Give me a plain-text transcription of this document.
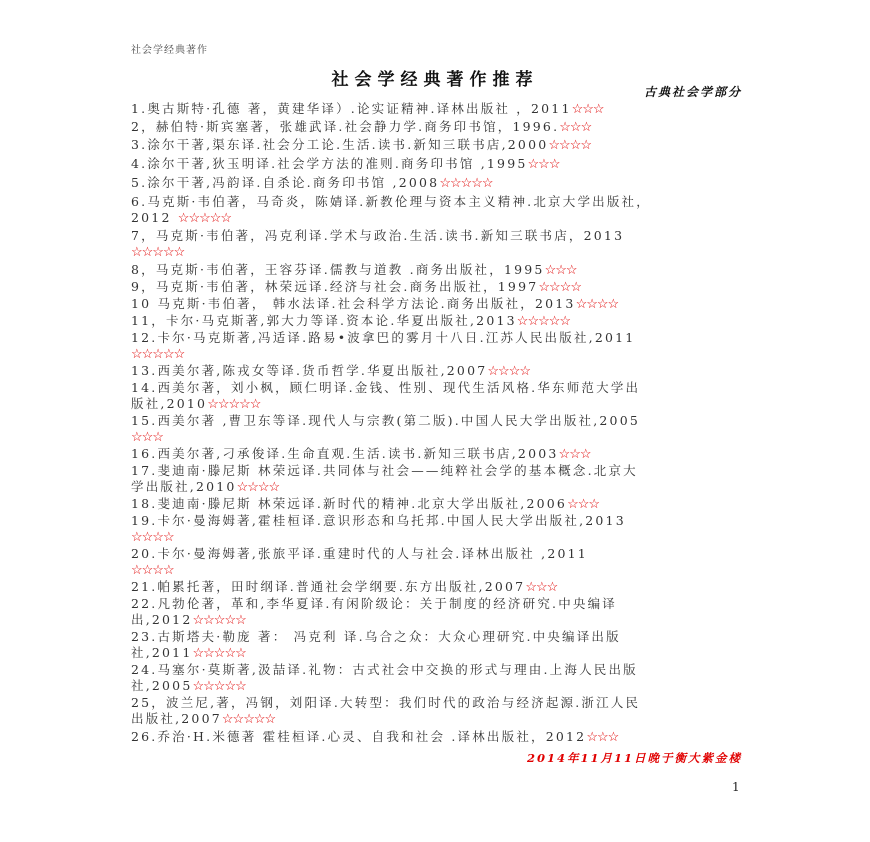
社会学经典著作
社会学经典著作推荐
古典社会学部分
1.奥古斯特·孔德 著，黄建华译）.论实证精神.译林出版社 ，2011☆☆☆
2，赫伯特·斯宾塞著，张雄武译.社会静力学.商务印书馆，1996.☆☆☆
3.涂尔干著,渠东译.社会分工论.生活.读书.新知三联书店,2000☆☆☆☆
4.涂尔干著,狄玉明译.社会学方法的准则.商务印书馆 ,1995☆☆☆
5.涂尔干著,冯韵译.自杀论.商务印书馆 ,2008☆☆☆☆☆
6.马克斯·韦伯著，马奇炎，陈婧译.新教伦理与资本主义精神.北京大学出版社，
2012 ☆☆☆☆☆
7，马克斯·韦伯著，冯克利译.学术与政治.生活.读书.新知三联书店，2013
☆☆☆☆☆
8，马克斯·韦伯著，王容芬译.儒教与道教 .商务出版社，1995☆☆☆
9，马克斯·韦伯著，林荣远译.经济与社会.商务出版社，1997☆☆☆☆
10 马克斯·韦伯著， 韩水法译.社会科学方法论.商务出版社，2013☆☆☆☆
11，卡尔·马克斯著,郭大力等译.资本论.华夏出版社,2013☆☆☆☆☆
12.卡尔·马克斯著,冯适译.路易•波拿巴的雾月十八日.江苏人民出版社,2011
☆☆☆☆☆
13.西美尔著,陈戎女等译.货币哲学.华夏出版社,2007☆☆☆☆
14.西美尔著，刘小枫，顾仁明译.金钱、性别、现代生活风格.华东师范大学出
版社,2010☆☆☆☆☆
15.西美尔著 ,曹卫东等译.现代人与宗教(第二版).中国人民大学出版社,2005
☆☆☆
16.西美尔著,刁承俊译.生命直观.生活.读书.新知三联书店,2003☆☆☆
17.斐迪南·滕尼斯 林荣远译.共同体与社会——纯粹社会学的基本概念.北京大
学出版社,2010☆☆☆☆
18.斐迪南·滕尼斯 林荣远译.新时代的精神.北京大学出版社,2006☆☆☆
19.卡尔·曼海姆著,霍桂桓译.意识形态和乌托邦.中国人民大学出版社,2013
☆☆☆☆
20.卡尔·曼海姆著,张旅平译.重建时代的人与社会.译林出版社 ,2011
☆☆☆☆
21.帕累托著，田时纲译.普通社会学纲要.东方出版社,2007☆☆☆
22.凡勃伦著，革和,李华夏译.有闲阶级论：关于制度的经济研究.中央编译
出,2012☆☆☆☆☆
23.古斯塔夫·勒庞 著： 冯克利 译.乌合之众：大众心理研究.中央编译出版
社,2011☆☆☆☆☆
24.马塞尔·莫斯著,汲喆译.礼物：古式社会中交换的形式与理由.上海人民出版
社,2005☆☆☆☆☆
25，波兰尼,著，冯钢，刘阳译.大转型：我们时代的政治与经济起源.浙江人民
出版社,2007☆☆☆☆☆
26.乔治·H.米德著 霍桂桓译.心灵、自我和社会 .译林出版社，2012☆☆☆
2014年11月11日晚于衡大紫金楼
1
